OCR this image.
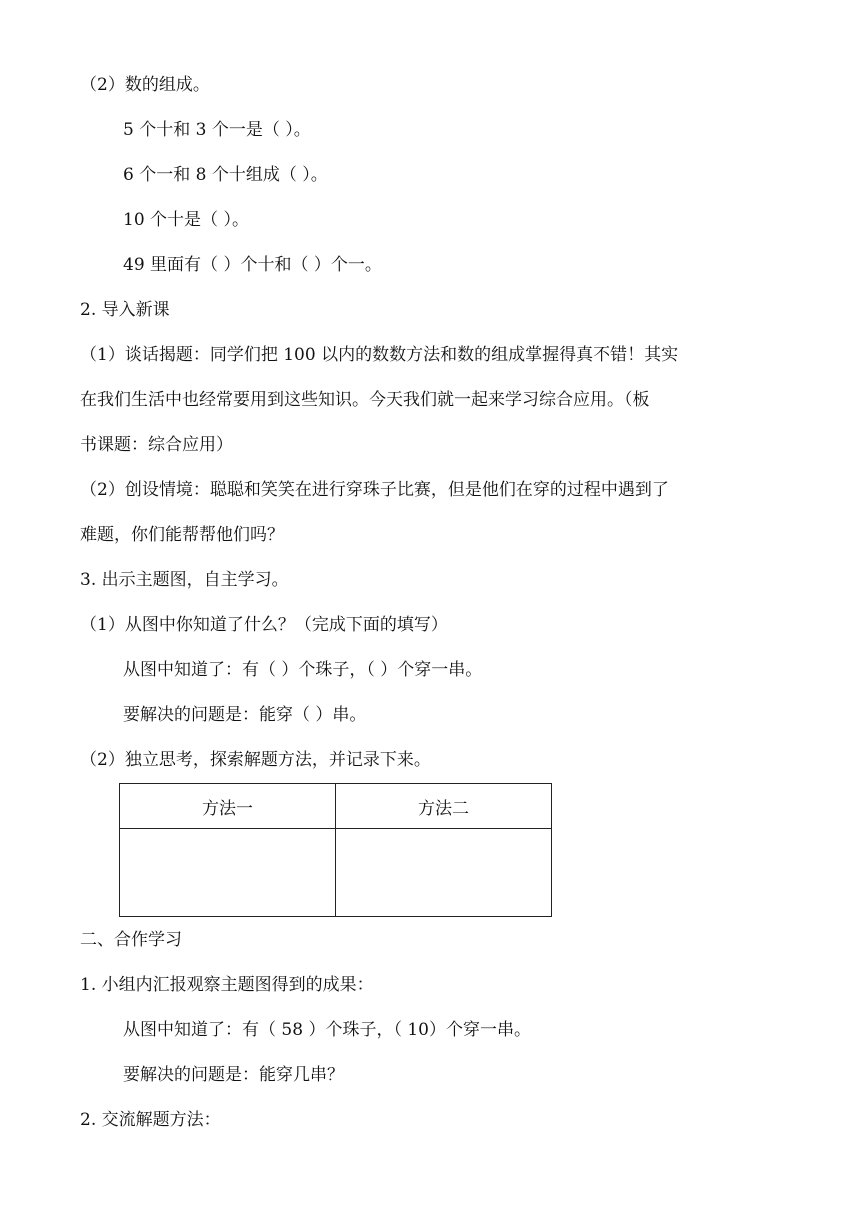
（2）数的组成。

5 个十和 3 个一是（ ）。

6 个一和 8 个十组成（ ）。

10 个十是（ ）。

49 里面有（ ）个十和（ ）个一。

2. 导入新课

（1）谈话揭题：同学们把 100 以内的数数方法和数的组成掌握得真不错！其实

在我们生活中也经常要用到这些知识。今天我们就一起来学习综合应用。（板

书课题：综合应用）

（2）创设情境：聪聪和笑笑在进行穿珠子比赛，但是他们在穿的过程中遇到了

难题，你们能帮帮他们吗？

3. 出示主题图，自主学习。

（1）从图中你知道了什么？（完成下面的填写）

从图中知道了：有（ ）个珠子，（ ）个穿一串。

要解决的问题是：能穿（ ）串。

（2）独立思考，探索解题方法，并记录下来。

方法一	方法二

二、合作学习

1. 小组内汇报观察主题图得到的成果：

从图中知道了：有（ 58 ）个珠子，（ 10）个穿一串。

要解决的问题是：能穿几串？

2. 交流解题方法：
